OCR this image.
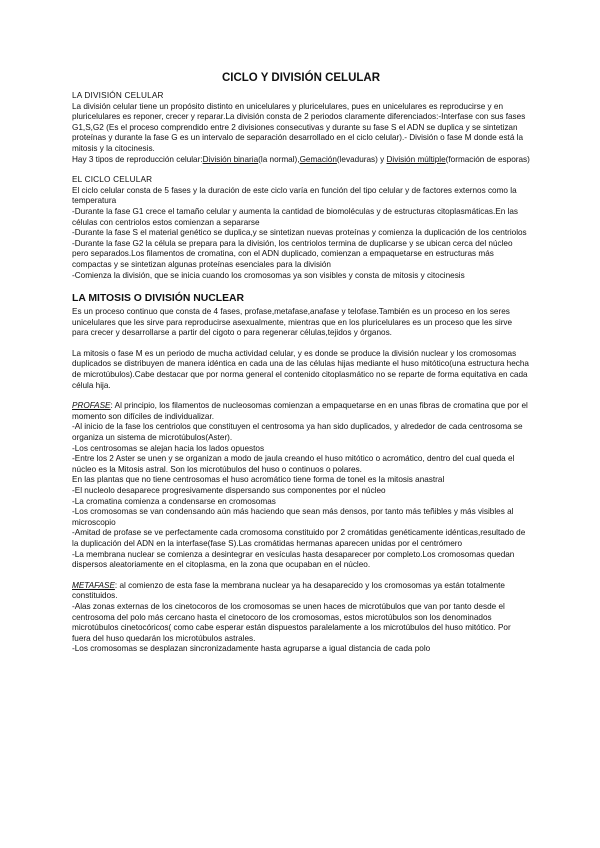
CICLO Y DIVISIÓN CELULAR
LA DIVISIÓN CELULAR
La división celular tiene un propósito distinto en unicelulares y pluricelulares, pues en unicelulares es reproducirse y en pluricelulares es reponer, crecer y reparar.La división consta de 2 periodos claramente diferenciados:-Interfase con sus fases G1,S,G2 (Es el proceso comprendido entre 2 divisiones consecutivas y durante su fase S el ADN se duplica y se sintetizan proteínas y durante la fase G es un intervalo de separación desarrollado en el ciclo celular).- División o fase M donde está la mitosis y la citocinesis.
Hay 3 tipos de reproducción celular:División binaria(la normal),Gemación(levaduras) y División múltiple(formación de esporas)
EL CICLO CELULAR
El ciclo celular consta de 5 fases y la duración de este ciclo varía en función del tipo celular y de factores externos como la temperatura
-Durante la fase G1 crece el tamaño celular y aumenta la cantidad de biomoléculas y de estructuras citoplasmáticas.En las células con centriolos estos comienzan a separarse
-Durante la fase S el material genético se duplica,y se sintetizan nuevas proteínas y comienza la duplicación de los centriolos
-Durante la fase G2 la célula se prepara para la división, los centriolos termina de duplicarse y se ubican cerca del núcleo pero separados.Los filamentos de cromatina, con el ADN duplicado, comienzan a empaquetarse en estructuras más compactas y se sintetizan algunas proteínas esenciales para la división
-Comienza la división, que se inicia cuando los cromosomas ya son visibles y consta de mitosis y citocinesis
LA MITOSIS O DIVISIÓN NUCLEAR
Es un proceso continuo que consta de 4 fases, profase,metafase,anafase y telofase.También es un proceso en los seres unicelulares que les sirve para reproducirse asexualmente, mientras que en los pluricelulares es un proceso que les sirve para crecer y desarrollarse a partir del cigoto o para regenerar células,tejidos y órganos.
La mitosis o fase M es un periodo de mucha actividad celular, y es donde se produce la división nuclear y los cromosomas duplicados se distribuyen de manera idéntica en cada una de las células hijas mediante el huso mitótico(una estructura hecha de microtúbulos).Cabe destacar que por norma general el contenido citoplasmático no se reparte de forma equitativa en cada célula hija.
PROFASE: Al principio, los filamentos de nucleosomas comienzan a empaquetarse en en unas fibras de cromatina que por el momento son difíciles de individualizar.
-Al inicio de la fase los centriolos que constituyen el centrosoma ya han sido duplicados, y alrededor de cada centrosoma se organiza un sistema de microtúbulos(Aster).
-Los centrosomas se alejan hacia los lados opuestos
-Entre los 2 Aster se unen y se organizan a modo de jaula creando el huso mitótico o acromático, dentro del cual queda el núcleo es la Mitosis astral. Son los microtúbulos del huso o continuos o polares.
En las plantas que no tiene centrosomas el huso acromático tiene forma de tonel es la mitosis anastral
-El nucleolo desaparece progresivamente dispersando sus componentes por el núcleo
-La cromatina comienza a condensarse en cromosomas
-Los cromosomas se van condensando aún más haciendo que sean más densos, por tanto más teñibles y más visibles al microscopio
-Amitad de profase se ve perfectamente cada cromosoma constituido por 2 cromátidas genéticamente idénticas,resultado de la duplicación del ADN en la interfase(fase S).Las cromátidas hermanas aparecen unidas por el centrómero
-La membrana nuclear se comienza a desintegrar en vesículas hasta desaparecer por completo.Los cromosomas quedan dispersos aleatoriamente en el citoplasma, en la zona que ocupaban en el núcleo.
METAFASE: al comienzo de esta fase la membrana nuclear ya ha desaparecido y los cromosomas ya están totalmente constituidos.
-Alas zonas externas de los cinetocoros de los cromosomas se unen haces de microtúbulos que van por tanto desde el centrosoma del polo más cercano hasta el cinetocoro de los cromosomas, estos microtúbulos son los denominados microtúbulos cinetocóricos( como cabe esperar están dispuestos paralelamente a los microtúbulos del huso mitótico. Por fuera del huso quedarán los microtúbulos astrales.
-Los cromosomas se desplazan sincronizadamente hasta agruparse a igual distancia de cada polo
